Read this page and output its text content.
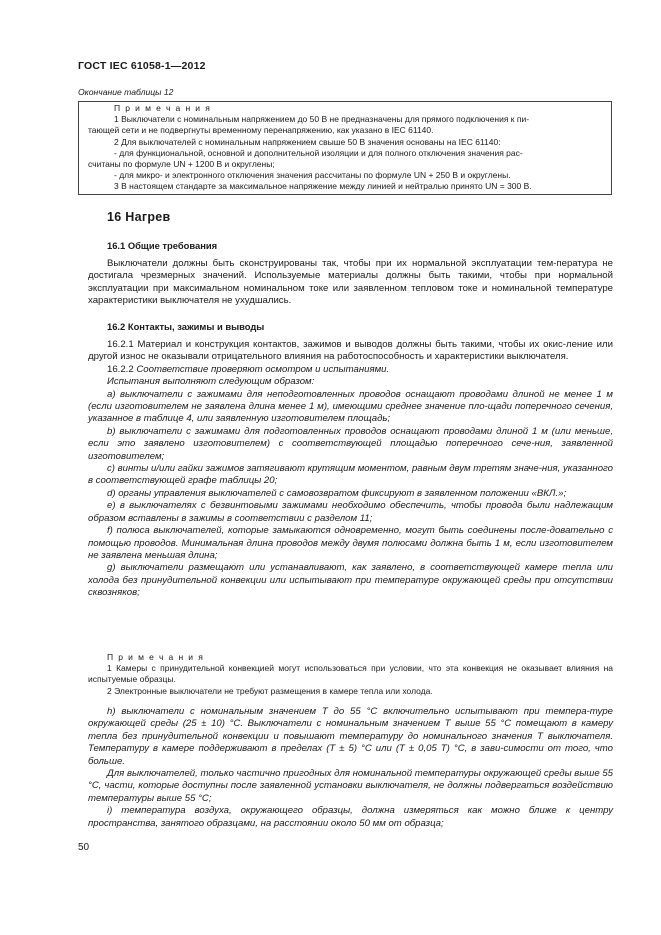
ГОСТ IEC 61058-1—2012
Окончание таблицы 12
П р и м е ч а н и я
1 Выключатели с номинальным напряжением до 50 В не предназначены для прямого подключения к пи-
тающей сети и не подвергнуты временному перенапряжению, как указано в IEC 61140.
2 Для выключателей с номинальным напряжением свыше 50 В значения основаны на IEC 61140:
- для функциональной, основной и дополнительной изоляции и для полного отключения значения рас-
считаны по формуле UN + 1200 В и округлены;
- для микро- и электронного отключения значения рассчитаны по формуле UN + 250 В и округлены.
3 В настоящем стандарте за максимальное напряжение между линией и нейтралью принято UN = 300 В.
16 Нагрев
16.1 Общие требования

Выключатели должны быть сконструированы так, чтобы при их нормальной эксплуатации тем-пература не достигала чрезмерных значений. Используемые материалы должны быть такими, чтобы при нормальной эксплуатации при максимальном номинальном токе или заявленном тепловом токе и номинальной температуре характеристики выключателя не ухудшались.

16.2 Контакты, зажимы и выводы

16.2.1 Материал и конструкция контактов, зажимов и выводов должны быть такими, чтобы их окис-ление или другой износ не оказывали отрицательного влияния на работоспособность и характеристики выключателя.

16.2.2 Соответствие проверяют осмотром и испытаниями.

Испытания выполняют следующим образом:

a) выключатели с зажимами для неподготовленных проводов оснащают проводами длиной не менее 1 м (если изготовителем не заявлена длина менее 1 м), имеющими среднее значение пло-щади поперечного сечения, указанное в таблице 4, или заявленную изготовителем площадь;

b) выключатели с зажимами для подготовленных проводов оснащают проводами длиной 1 м (или меньше, если это заявлено изготовителем) с соответствующей площадью поперечного сече-ния, заявленной изготовителем;

c) винты и/или гайки зажимов затягивают крутящим моментом, равным двум третям значе-ния, указанного в соответствующей графе таблицы 20;

d) органы управления выключателей с самовозвратом фиксируют в заявленном положении «ВКЛ.»;

e) в выключателях с безвинтовыми зажимами необходимо обеспечить, чтобы провода были надлежащим образом вставлены в зажимы в соответствии с разделом 11;

f) полюса выключателей, которые замыкаются одновременно, могут быть соединены после-довательно с помощью проводов. Минимальная длина проводов между двумя полюсами должна быть 1 м, если изготовителем не заявлена меньшая длина;

g) выключатели размещают или устанавливают, как заявлено, в соответствующей камере тепла или холода без принудительной конвекции или испытывают при температуре окружающей среды при отсутствии сквозняков;

П р и м е ч а н и я

1 Камеры с принудительной конвекцией могут использоваться при условии, что эта конвекция не оказывает влияния на испытуемые образцы.

2 Электронные выключатели не требуют размещения в камере тепла или холода.

h) выключатели с номинальным значением T до 55 °C включительно испытывают при темпера-туре окружающей среды (25 ± 10) °C. Выключатели с номинальным значением T выше 55 °C помещают в камеру тепла без принудительной конвекции и повышают температуру до номинального значения T выключателя. Температуру в камере поддерживают в пределах (T ± 5) °C или (T ± 0,05 T) °C, в зави-симости от того, что больше.

Для выключателей, только частично пригодных для номинальной температуры окружающей среды выше 55 °C, части, которые доступны после заявленной установки выключателя, не должны подвергаться воздействию температуры выше 55 °C;

i) температура воздуха, окружающего образцы, должна измеряться как можно ближе к центру пространства, занятого образцами, на расстоянии около 50 мм от образца;

50
